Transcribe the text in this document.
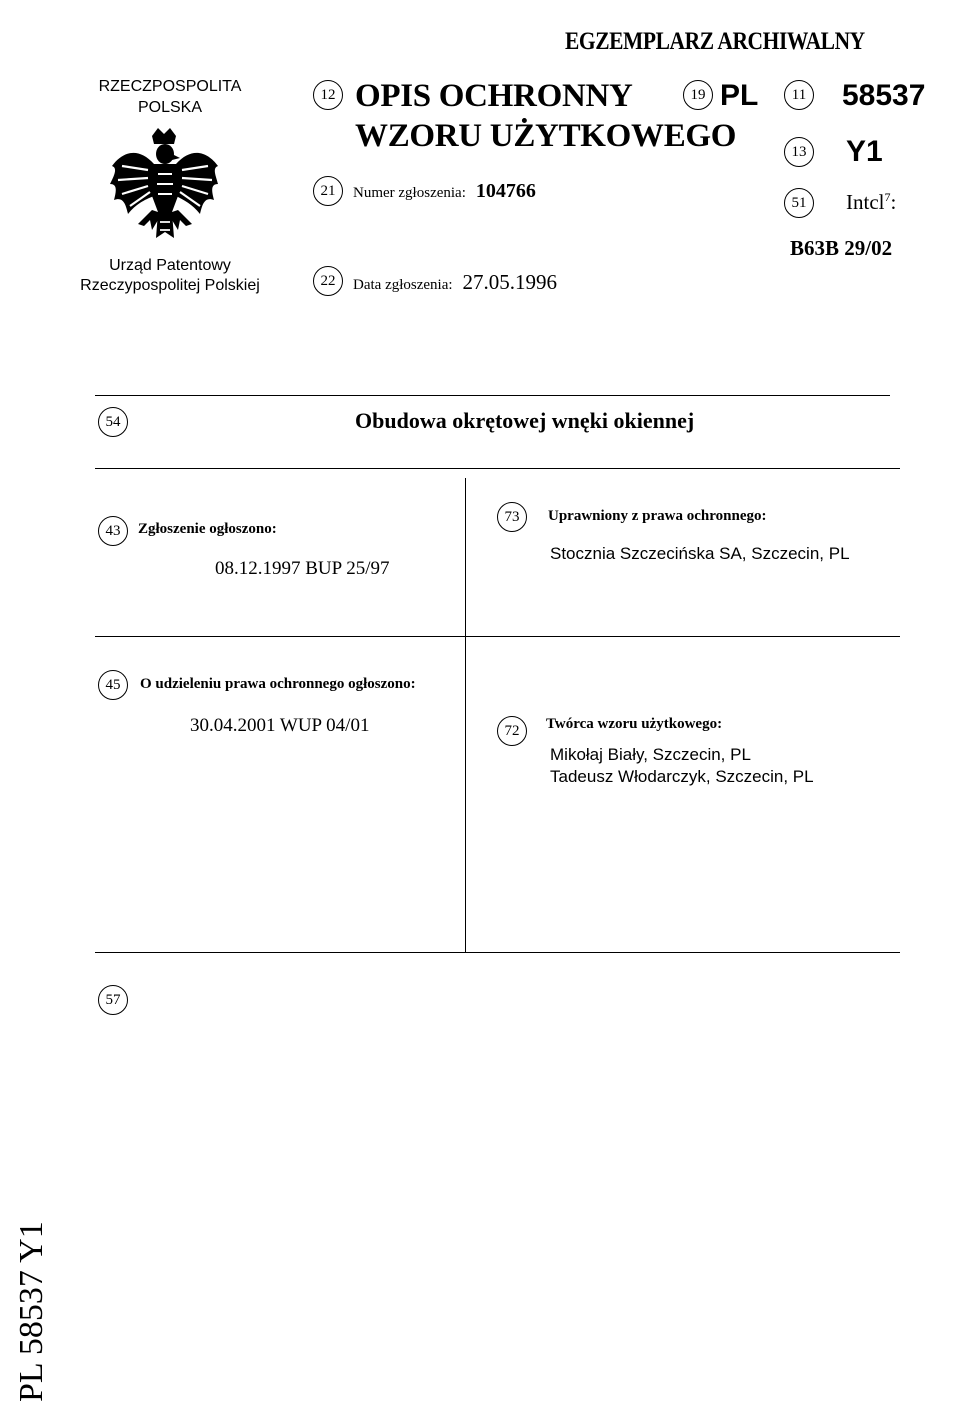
EGZEMPLARZ ARCHIWALNY
RZECZPOSPOLITA
POLSKA
Urząd Patentowy
Rzeczypospolitej Polskiej
12 OPIS OCHRONNY
WZORU UŻYTKOWEGO
19 PL	11 58537
13 Y1
21	Numer zgłoszenia: 104766
51	Intcl$^7$:
B63B 29/02
22	Data zgłoszenia: 27.05.1996
54	Obudowa okrętowej wnęki okiennej
43	Zgłoszenie ogłoszono:
08.12.1997 BUP 25/97
73	Uprawniony z prawa ochronnego:
Stocznia Szczecińska SA, Szczecin, PL
45	O udzieleniu prawa ochronnego ogłoszono:
30.04.2001 WUP 04/01	72	Twórca wzoru użytkowego:
Mikołaj Biały, Szczecin, PL
Tadeusz Włodarczyk, Szczecin, PL
57
PL 58537 Y1
